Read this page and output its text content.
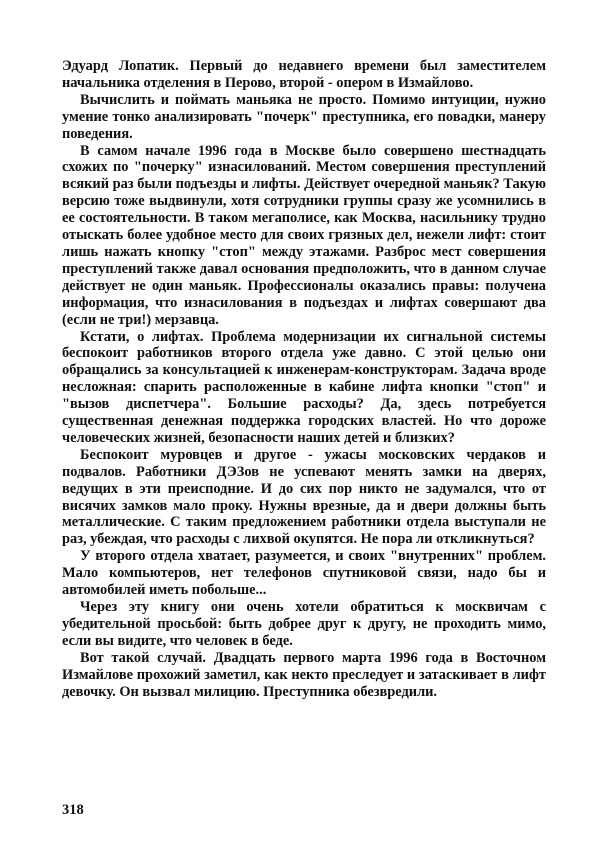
Эдуард Лопатик. Первый до недавнего времени был заместителем начальника отделения в Перово, второй - опером в Измайлово.

Вычислить и поймать маньяка не просто. Помимо интуиции, нужно умение тонко анализировать "почерк" преступника, его повадки, манеру поведения.

В самом начале 1996 года в Москве было совершено шестнадцать схожих по "почерку" изнасилований. Местом совершения преступлений всякий раз были подъезды и лифты. Действует очередной маньяк? Такую версию тоже выдвинули, хотя сотрудники группы сразу же усомнились в ее состоятельности. В таком мегаполисе, как Москва, насильнику трудно отыскать более удобное место для своих грязных дел, нежели лифт: стоит лишь нажать кнопку "стоп" между этажами. Разброс мест совершения преступлений также давал основания предположить, что в данном случае действует не один маньяк. Профессионалы оказались правы: получена информация, что изнасилования в подъездах и лифтах совершают два (если не три!) мерзавца.

Кстати, о лифтах. Проблема модернизации их сигнальной системы беспокоит работников второго отдела уже давно. С этой целью они обращались за консультацией к инженерам-конструкторам. Задача вроде несложная: спарить расположенные в кабине лифта кнопки "стоп" и "вызов диспетчера". Большие расходы? Да, здесь потребуется существенная денежная поддержка городских властей. Но что дороже человеческих жизней, безопасности наших детей и близких?

Беспокоит муровцев и другое - ужасы московских чердаков и подвалов. Работники ДЭЗов не успевают менять замки на дверях, ведущих в эти преисподние. И до сих пор никто не задумался, что от висячих замков мало проку. Нужны врезные, да и двери должны быть металлические. С таким предложением работники отдела выступали не раз, убеждая, что расходы с лихвой окупятся. Не пора ли откликнуться?

У второго отдела хватает, разумеется, и своих "внутренних" проблем. Мало компьютеров, нет телефонов спутниковой связи, надо бы и автомобилей иметь побольше...

Через эту книгу они очень хотели обратиться к москвичам с убедительной просьбой: быть добрее друг к другу, не проходить мимо, если вы видите, что человек в беде.

Вот такой случай. Двадцать первого марта 1996 года в Восточном Измайлове прохожий заметил, как некто преследует и затаскивает в лифт девочку. Он вызвал милицию. Преступника обезвредили.

318
